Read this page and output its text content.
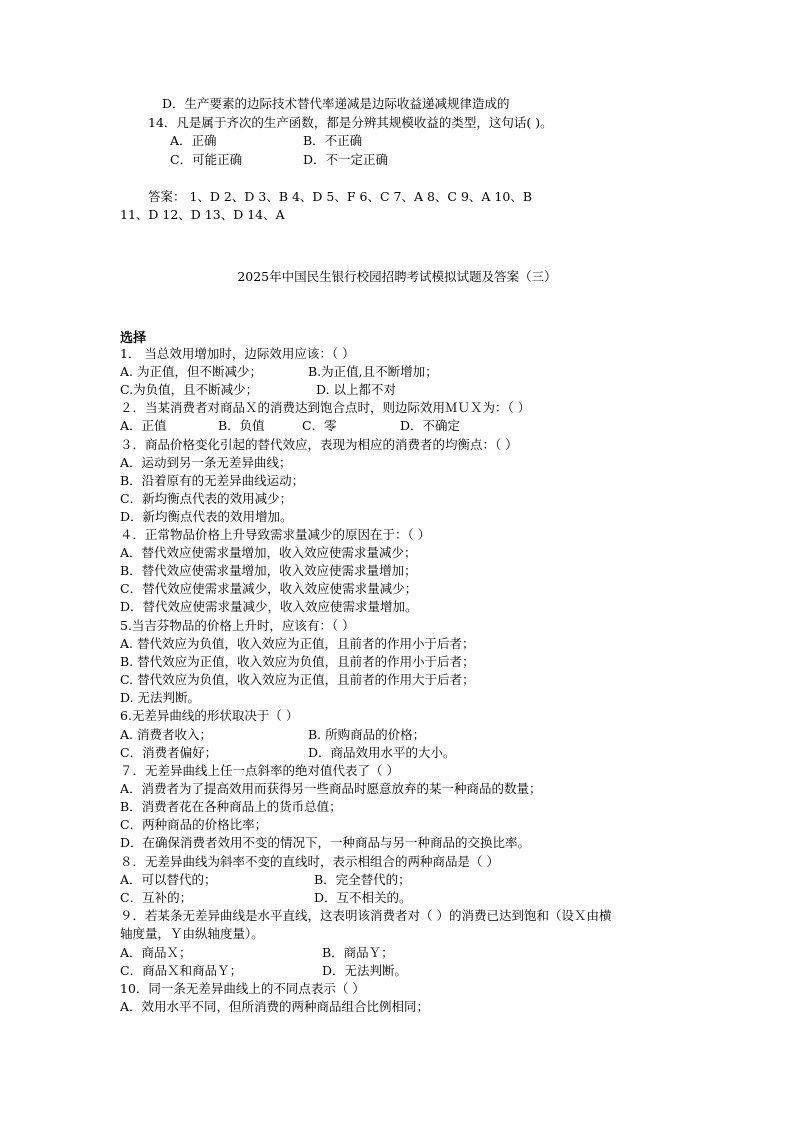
D．生产要素的边际技术替代率递减是边际收益递减规律造成的
14．凡是属于齐次的生产函数，都是分辨其规模收益的类型，这句话( )。
A．正确	B．不正确
C．可能正确	D．不一定正确
答案： 1、D 2、D 3、B 4、D 5、F 6、C 7、A 8、C 9、A 10、B
11、D 12、D 13、D 14、A
2025年中国民生银行校园招聘考试模拟试题及答案（三）
选择
1． 当总效用增加时，边际效用应该：（ ）
A. 为正值，但不断减少；	B.为正值,且不断增加；
C.为负值，且不断减少；	D. 以上都不对
２．当某消费者对商品Ｘ的消费达到饱合点时，则边际效用ＭＵＸ为：（ ）
A．正值	B．负值	C．零	D．不确定
３．商品价格变化引起的替代效应，表现为相应的消费者的均衡点：（ ）
A．运动到另一条无差异曲线；
B．沿着原有的无差异曲线运动；
C．新均衡点代表的效用减少；
D．新均衡点代表的效用增加。
４．正常物品价格上升导致需求量减少的原因在于：（ ）
A．替代效应使需求量增加，收入效应使需求量减少；
B．替代效应使需求量增加，收入效应使需求量增加；
C．替代效应使需求量减少，收入效应使需求量减少；
D．替代效应使需求量减少，收入效应使需求量增加。
5.当吉芬物品的价格上升时，应该有：（ ）
A. 替代效应为负值，收入效应为正值，且前者的作用小于后者；
B. 替代效应为正值，收入效应为负值，且前者的作用小于后者；
C. 替代效应为负值，收入效应为正值，且前者的作用大于后者；
D. 无法判断。
6.无差异曲线的形状取决于（ ）
A. 消费者收入；	B. 所购商品的价格；
C．消费者偏好；	D．商品效用水平的大小。
７．无差异曲线上任一点斜率的绝对值代表了（ ）
A．消费者为了提高效用而获得另一些商品时愿意放弃的某一种商品的数量；
B．消费者花在各种商品上的货币总值；
C．两种商品的价格比率；
D．在确保消费者效用不变的情况下，一种商品与另一种商品的交换比率。
８．无差异曲线为斜率不变的直线时，表示相组合的两种商品是（ ）
A．可以替代的；	B．完全替代的；
C．互补的；	D．互不相关的。
９．若某条无差异曲线是水平直线，这表明该消费者对（ ）的消费已达到饱和（设Ｘ由横
轴度量，Ｙ由纵轴度量）。
A．商品Ｘ；	B．商品Ｙ；
C．商品Ｘ和商品Ｙ；	D．无法判断。
10．同一条无差异曲线上的不同点表示（ ）
A．效用水平不同，但所消费的两种商品组合比例相同；
